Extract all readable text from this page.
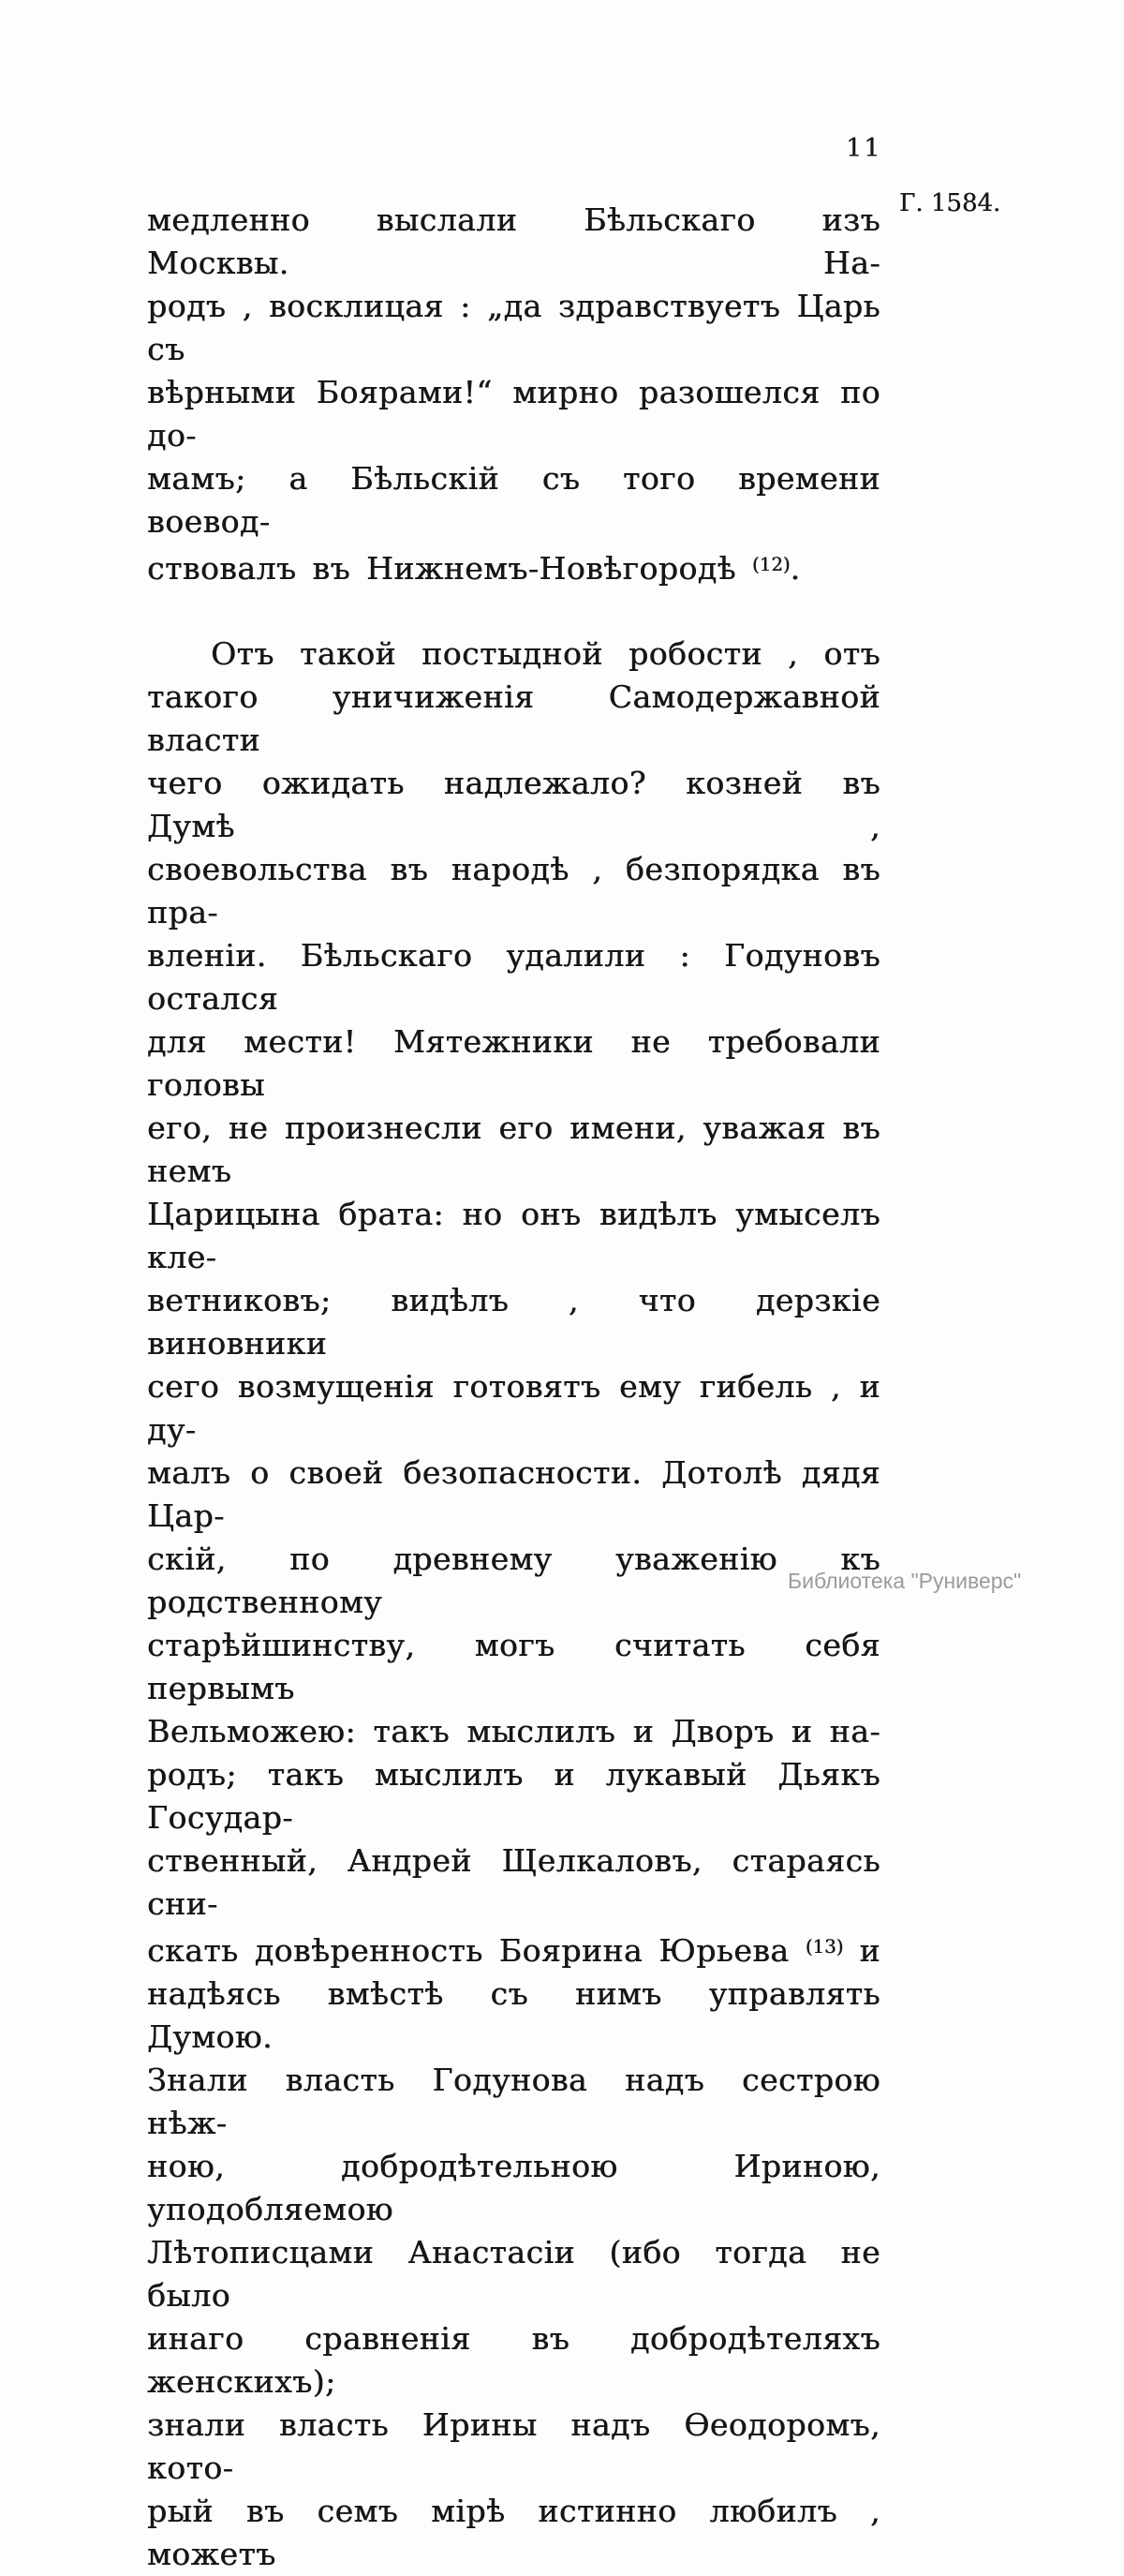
11
Г. 1584.
медленно выслали Бѣльскаго изъ Москвы. На-
родъ , восклицая : „да здравствуетъ Царь съ
вѣрными Боярами!“ мирно разошелся по до-
мамъ; а Бѣльскій съ того времени воевод-
ствовалъ въ Нижнемъ-Новѣгородѣ $^{(12)}$.
Отъ такой постыдной робости , отъ
такого уничиженія Самодержавной власти
чего ожидать надлежало? козней въ Думѣ ,
своевольства въ народѣ , безпорядка въ пра-
вленіи. Бѣльскаго удалили : Годуновъ остался
для мести! Мятежники не требовали головы
его, не произнесли его имени, уважая въ немъ
Царицына брата: но онъ видѣлъ умыселъ кле-
ветниковъ; видѣлъ , что дерзкіе виновники
сего возмущенія готовятъ ему гибель , и ду-
малъ о своей безопасности. Дотолѣ дядя Цар-
скій, по древнему уваженію къ родственному
старѣйшинству, могъ считать себя первымъ
Вельможею: такъ мыслилъ и Дворъ и на-
родъ; такъ мыслилъ и лукавый Дьякъ Государ-
ственный, Андрей Щелкаловъ, стараясь сни-
скать довѣренность Боярина Юрьева $^{(13)}$ и
надѣясь вмѣстѣ съ нимъ управлять Думою.
Знали власть Годунова надъ сестрою нѣж-
ною, добродѣтельною Ириною, уподобляемою
Лѣтописцами Анастасіи (ибо тогда не было
инаго сравненія въ добродѣтеляхъ женскихъ);
знали власть Ирины надъ Ѳеодоромъ, кото-
рый въ семъ мірѣ истинно любилъ , можетъ
Библиотека "Руниверс"
